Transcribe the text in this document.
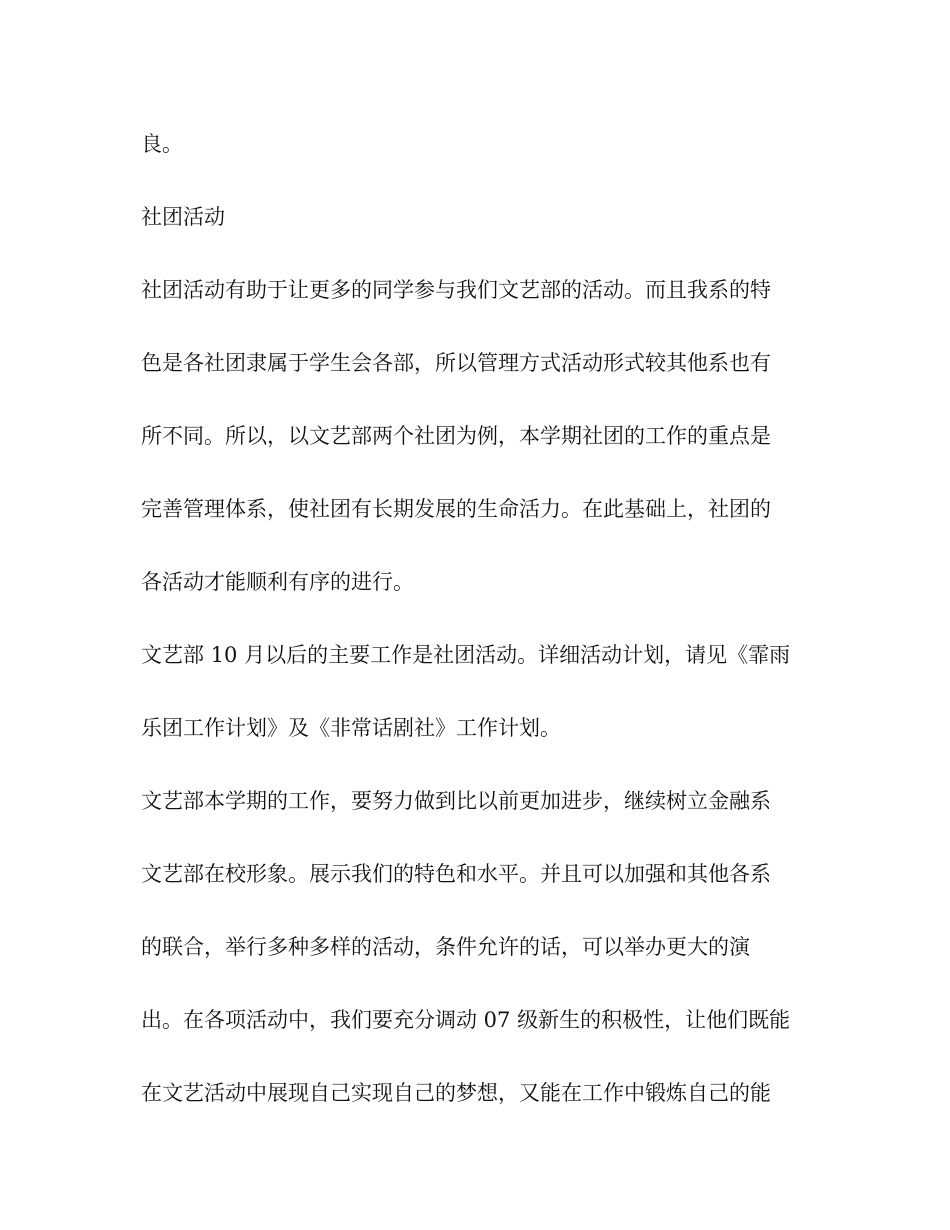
良。
社团活动
社团活动有助于让更多的同学参与我们文艺部的活动。而且我系的特
色是各社团隶属于学生会各部，所以管理方式活动形式较其他系也有
所不同。所以，以文艺部两个社团为例，本学期社团的工作的重点是
完善管理体系，使社团有长期发展的生命活力。在此基础上，社团的
各活动才能顺利有序的进行。
文艺部 10 月以后的主要工作是社团活动。详细活动计划，请见《霏雨
乐团工作计划》及《非常话剧社》工作计划。
文艺部本学期的工作，要努力做到比以前更加进步，继续树立金融系
文艺部在校形象。展示我们的特色和水平。并且可以加强和其他各系
的联合，举行多种多样的活动，条件允许的话，可以举办更大的演
出。在各项活动中，我们要充分调动 07 级新生的积极性，让他们既能
在文艺活动中展现自己实现自己的梦想，又能在工作中锻炼自己的能
